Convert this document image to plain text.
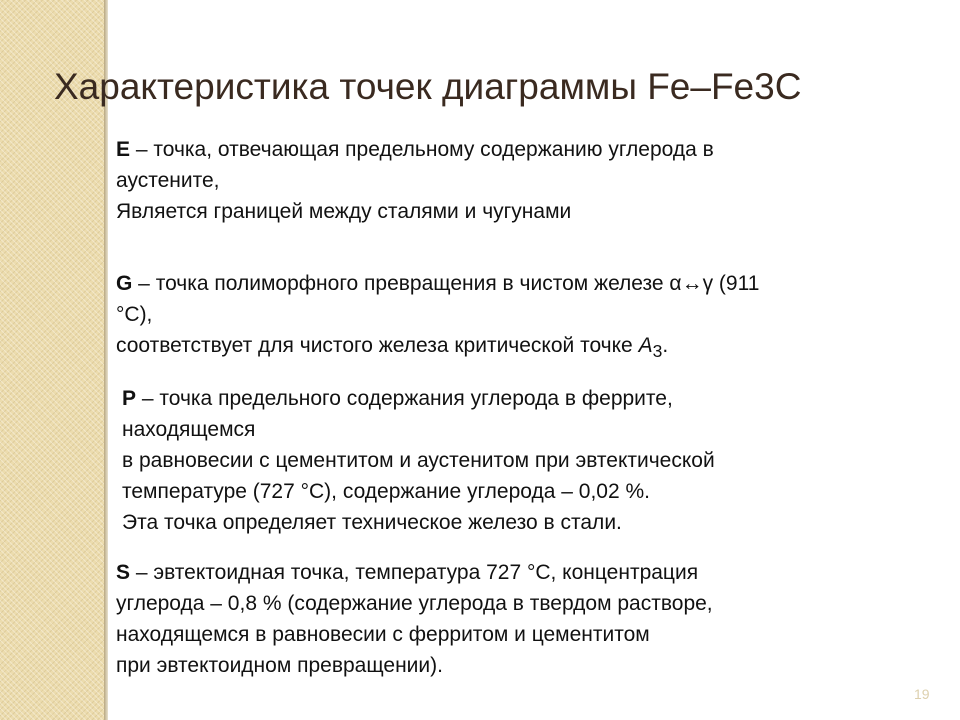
Характеристика точек диаграммы Fe–Fe3C

E – точка, отвечающая предельному содержанию углерода в

аустените,

Является границей между сталями и чугунами

G – точка полиморфного превращения в чистом железе α↔γ (911

°C),

соответствует для чистого железа критической точке $A_3$.

P – точка предельного содержания углерода в феррите,

находящемся

в равновесии с цементитом и аустенитом при эвтектической

температуре (727 °C), содержание углерода – 0,02 %.

Эта точка определяет техническое железо в стали.

S – эвтектоидная точка, температура 727 °C, концентрация

углерода – 0,8 % (содержание углерода в твердом растворе,

находящемся в равновесии с ферритом и цементитом

при эвтектоидном превращении).

19
